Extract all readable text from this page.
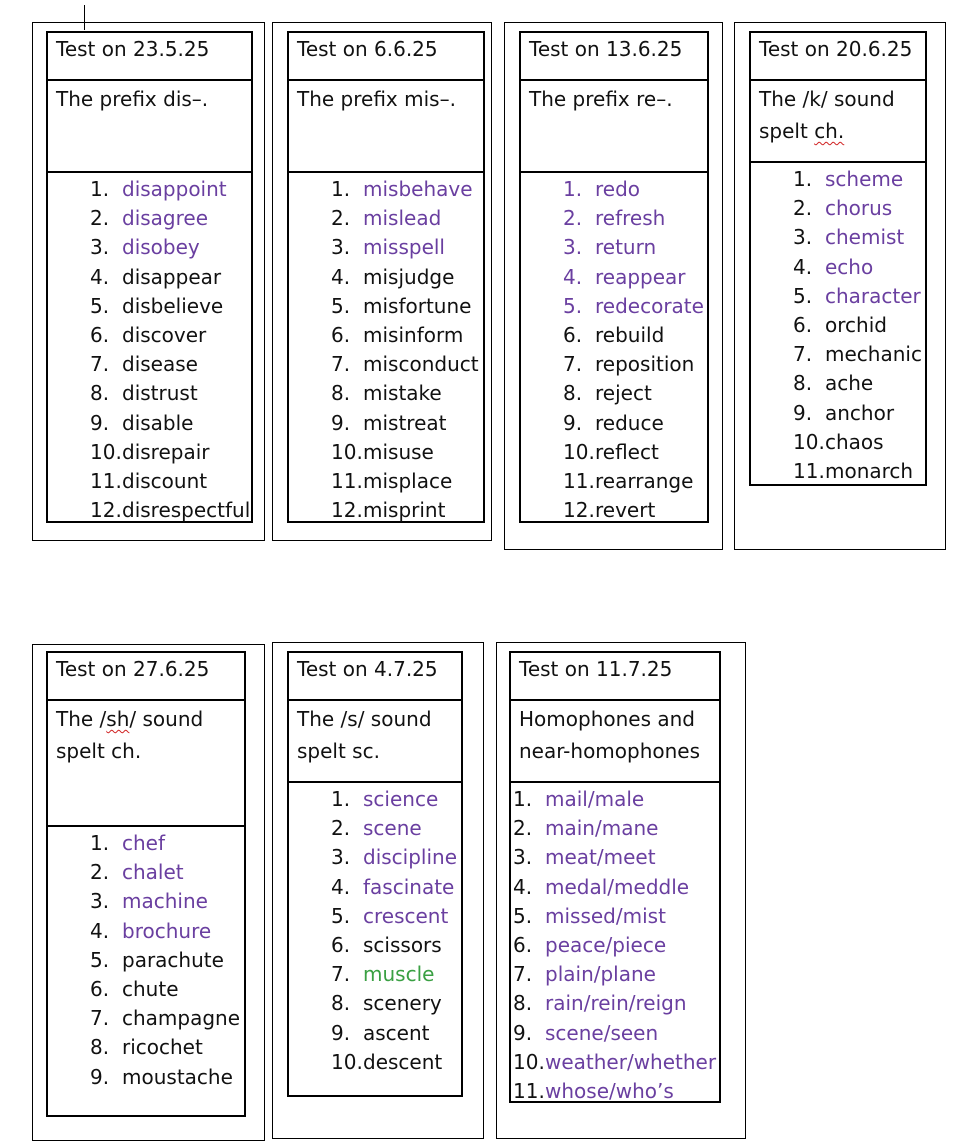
Test on 23.5.25
The prefix dis–.
1. disappoint
2. disagree
3. disobey
4. disappear
5. disbelieve
6. discover
7. disease
8. distrust
9. disable
10.disrepair
11.discount
12.disrespectful
Test on 6.6.25
The prefix mis–.
1. misbehave
2. mislead
3. misspell
4. misjudge
5. misfortune
6. misinform
7. misconduct
8. mistake
9. mistreat
10.misuse
11.misplace
12.misprint
Test on 13.6.25
The prefix re–.
1. redo
2. refresh
3. return
4. reappear
5. redecorate
6. rebuild
7. reposition
8. reject
9. reduce
10.reflect
11.rearrange
12.revert
Test on 20.6.25
The /k/ sound
spelt ch.
1. scheme
2. chorus
3. chemist
4. echo
5. character
6. orchid
7. mechanic
8. ache
9. anchor
10.chaos
11.monarch
Test on 27.6.25
The /sh/ sound
spelt ch.
1. chef
2. chalet
3. machine
4. brochure
5. parachute
6. chute
7. champagne
8. ricochet
9. moustache
Test on 4.7.25
The /s/ sound
spelt sc.
1. science
2. scene
3. discipline
4. fascinate
5. crescent
6. scissors
7. muscle
8. scenery
9. ascent
10.descent
Test on 11.7.25
Homophones and
near-homophones
1. mail/male
2. main/mane
3. meat/meet
4. medal/meddle
5. missed/mist
6. peace/piece
7. plain/plane
8. rain/rein/reign
9. scene/seen
10.weather/whether
11.whose/who’s
